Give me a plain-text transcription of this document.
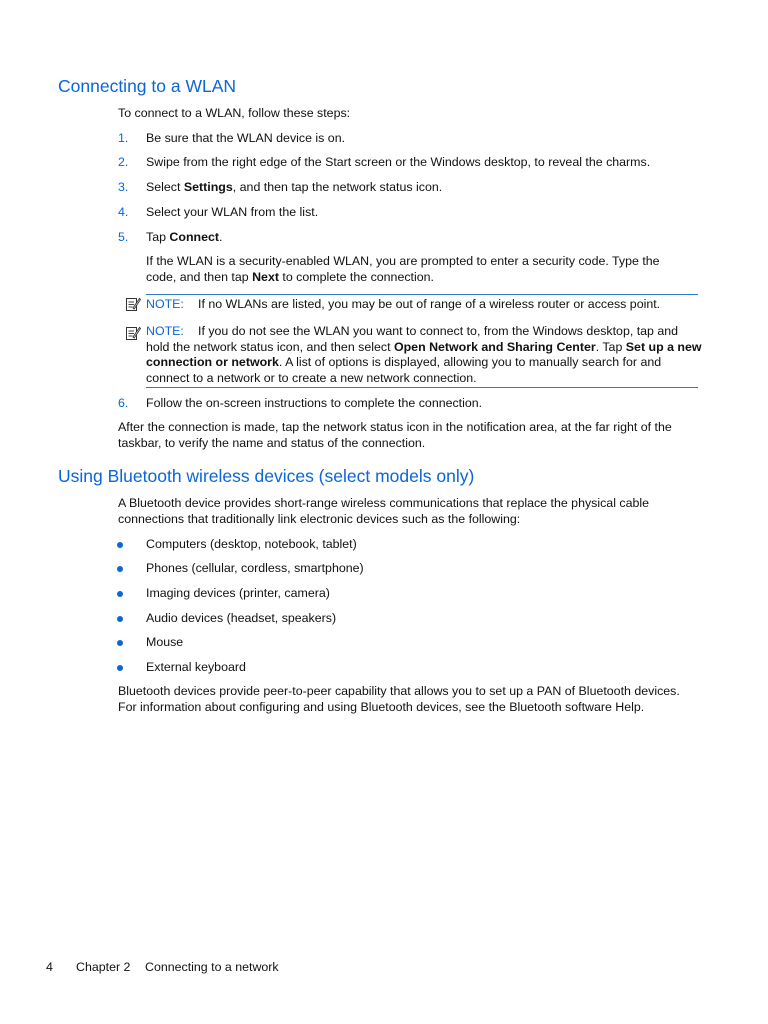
Connecting to a WLAN
To connect to a WLAN, follow these steps:
1. Be sure that the WLAN device is on.
2. Swipe from the right edge of the Start screen or the Windows desktop, to reveal the charms.
3. Select Settings, and then tap the network status icon.
4. Select your WLAN from the list.
5. Tap Connect.
If the WLAN is a security-enabled WLAN, you are prompted to enter a security code. Type the code, and then tap Next to complete the connection.
NOTE:	If no WLANs are listed, you may be out of range of a wireless router or access point.
NOTE:	If you do not see the WLAN you want to connect to, from the Windows desktop, tap and hold the network status icon, and then select Open Network and Sharing Center. Tap Set up a new connection or network. A list of options is displayed, allowing you to manually search for and connect to a network or to create a new network connection.
6. Follow the on-screen instructions to complete the connection.
After the connection is made, tap the network status icon in the notification area, at the far right of the taskbar, to verify the name and status of the connection.
Using Bluetooth wireless devices (select models only)
A Bluetooth device provides short-range wireless communications that replace the physical cable connections that traditionally link electronic devices such as the following:
Computers (desktop, notebook, tablet)
Phones (cellular, cordless, smartphone)
Imaging devices (printer, camera)
Audio devices (headset, speakers)
Mouse
External keyboard
Bluetooth devices provide peer-to-peer capability that allows you to set up a PAN of Bluetooth devices. For information about configuring and using Bluetooth devices, see the Bluetooth software Help.
4 Chapter 2 Connecting to a network
